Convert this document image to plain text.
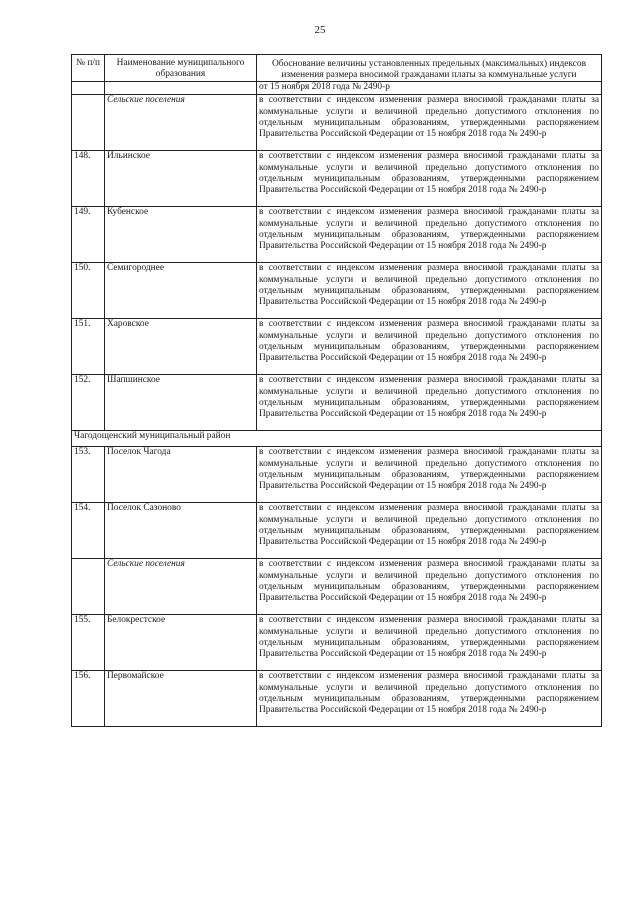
25
№ п/п	Наименование муниципального образования	Обоснование величины установленных предельных (максимальных) индексов изменения размера вносимой гражданами платы за коммунальные услуги
		от 15 ноября 2018 года № 2490-р
	Сельские поселения	в соответствии с индексом изменения размера вносимой гражданами платы за коммунальные услуги и величиной предельно допустимого отклонения по отдельным муниципальным образованиям, утвержденными распоряжением Правительства Российской Федерации от 15 ноября 2018 года № 2490-р
148.	Ильинское	в соответствии с индексом изменения размера вносимой гражданами платы за коммунальные услуги и величиной предельно допустимого отклонения по отдельным муниципальным образованиям, утвержденными распоряжением Правительства Российской Федерации от 15 ноября 2018 года № 2490-р
149.	Кубенское	в соответствии с индексом изменения размера вносимой гражданами платы за коммунальные услуги и величиной предельно допустимого отклонения по отдельным муниципальным образованиям, утвержденными распоряжением Правительства Российской Федерации от 15 ноября 2018 года № 2490-р
150.	Семигороднее	в соответствии с индексом изменения размера вносимой гражданами платы за коммунальные услуги и величиной предельно допустимого отклонения по отдельным муниципальным образованиям, утвержденными распоряжением Правительства Российской Федерации от 15 ноября 2018 года № 2490-р
151.	Харовское	в соответствии с индексом изменения размера вносимой гражданами платы за коммунальные услуги и величиной предельно допустимого отклонения по отдельным муниципальным образованиям, утвержденными распоряжением Правительства Российской Федерации от 15 ноября 2018 года № 2490-р
152.	Шапшинское	в соответствии с индексом изменения размера вносимой гражданами платы за коммунальные услуги и величиной предельно допустимого отклонения по отдельным муниципальным образованиям, утвержденными распоряжением Правительства Российской Федерации от 15 ноября 2018 года № 2490-р
Чагодощенский муниципальный район		
153.	Поселок Чагода	в соответствии с индексом изменения размера вносимой гражданами платы за коммунальные услуги и величиной предельно допустимого отклонения по отдельным муниципальным образованиям, утвержденными распоряжением Правительства Российской Федерации от 15 ноября 2018 года № 2490-р
154.	Поселок Сазоново	в соответствии с индексом изменения размера вносимой гражданами платы за коммунальные услуги и величиной предельно допустимого отклонения по отдельным муниципальным образованиям, утвержденными распоряжением Правительства Российской Федерации от 15 ноября 2018 года № 2490-р
	Сельские поселения	в соответствии с индексом изменения размера вносимой гражданами платы за коммунальные услуги и величиной предельно допустимого отклонения по отдельным муниципальным образованиям, утвержденными распоряжением Правительства Российской Федерации от 15 ноября 2018 года № 2490-р
155.	Белокрестское	в соответствии с индексом изменения размера вносимой гражданами платы за коммунальные услуги и величиной предельно допустимого отклонения по отдельным муниципальным образованиям, утвержденными распоряжением Правительства Российской Федерации от 15 ноября 2018 года № 2490-р
156.	Первомайское	в соответствии с индексом изменения размера вносимой гражданами платы за коммунальные услуги и величиной предельно допустимого отклонения по отдельным муниципальным образованиям, утвержденными распоряжением Правительства Российской Федерации от 15 ноября 2018 года № 2490-р
